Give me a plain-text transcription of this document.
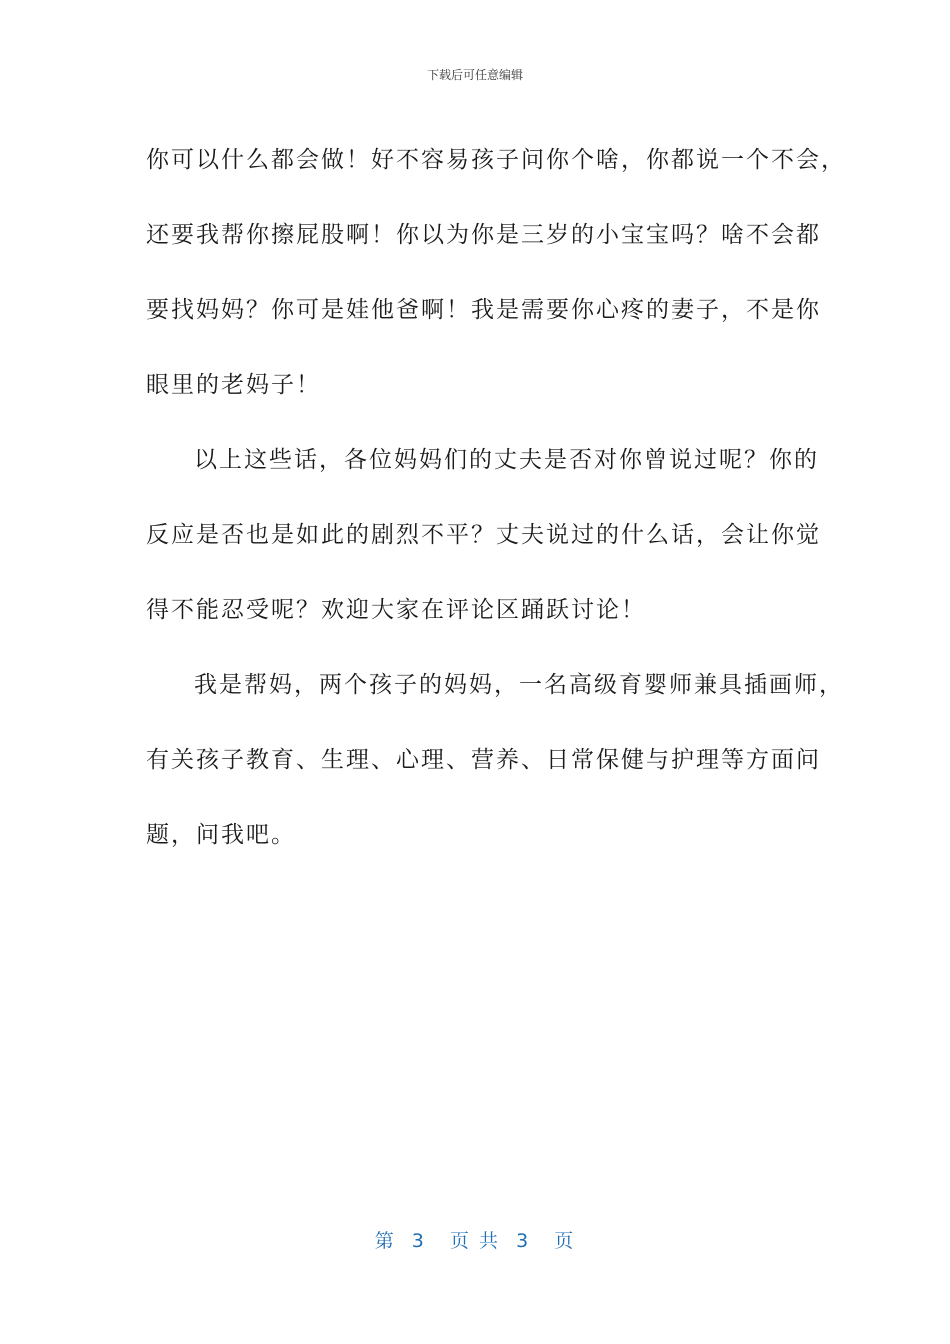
下载后可任意编辑
你可以什么都会做！好不容易孩子问你个啥，你都说一个不会，
还要我帮你擦屁股啊！你以为你是三岁的小宝宝吗？啥不会都
要找妈妈？你可是娃他爸啊！我是需要你心疼的妻子，不是你
眼里的老妈子！
以上这些话，各位妈妈们的丈夫是否对你曾说过呢？你的
反应是否也是如此的剧烈不平？丈夫说过的什么话，会让你觉
得不能忍受呢？欢迎大家在评论区踊跃讨论！
我是帮妈，两个孩子的妈妈，一名高级育婴师兼具插画师，
有关孩子教育、生理、心理、营养、日常保健与护理等方面问
题，问我吧。
第  3   页 共  3   页
